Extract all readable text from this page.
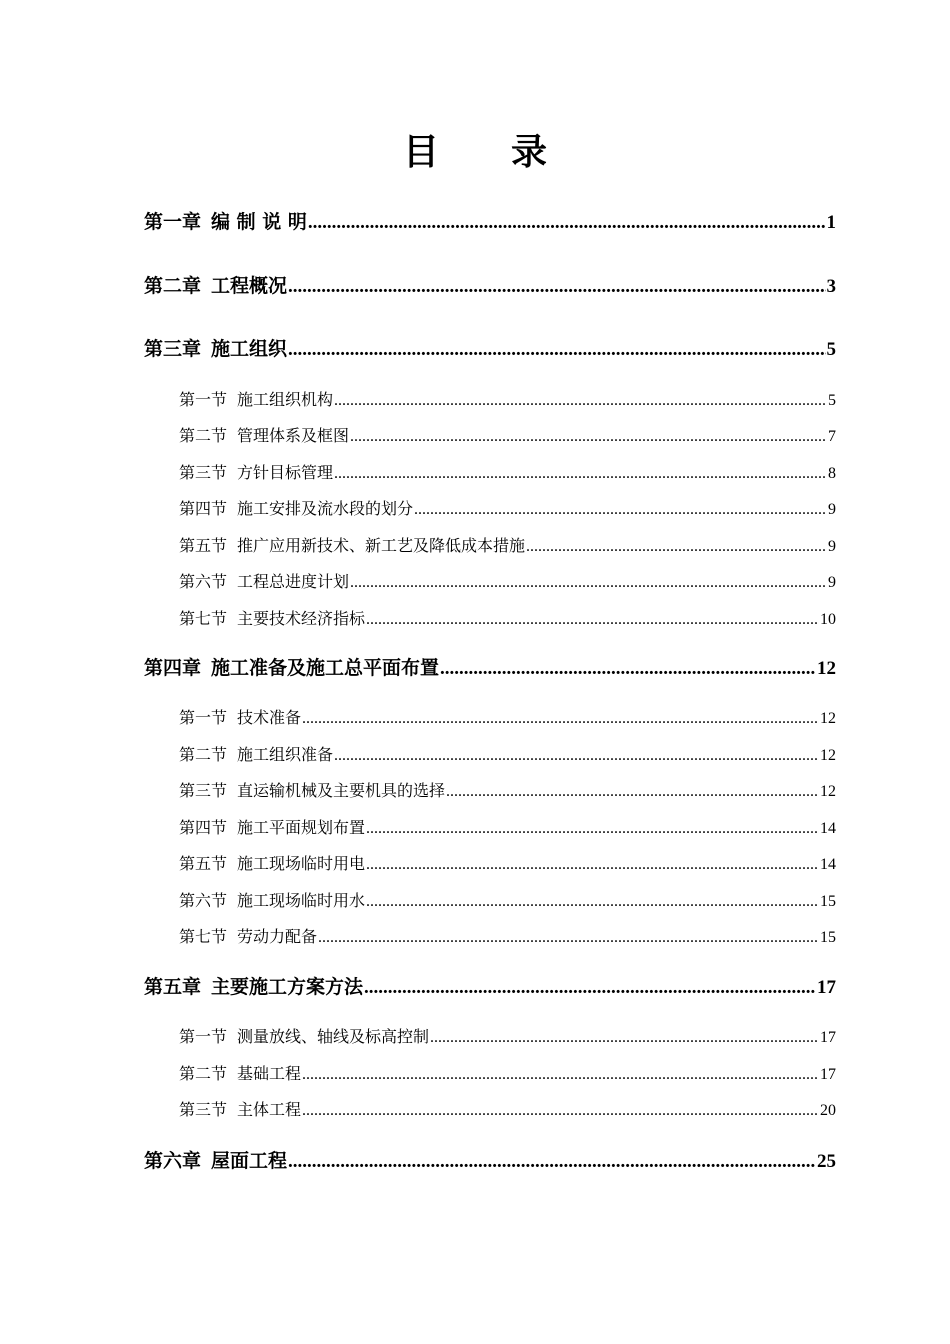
目 录
第一章 编 制 说 明 .....	1
第二章 工程概况 .....	3
第三章 施工组织 .....	5
第一节 施工组织机构 .....	5
第二节 管理体系及框图 .....	7
第三节 方针目标管理 .....	8
第四节 施工安排及流水段的划分 .....	9
第五节 推广应用新技术、新工艺及降低成本措施 .....	9
第六节 工程总进度计划 .....	9
第七节 主要技术经济指标 .....	10
第四章 施工准备及施工总平面布置 .....	12
第一节 技术准备 .....	12
第二节 施工组织准备 .....	12
第三节 直运输机械及主要机具的选择 .....	12
第四节 施工平面规划布置 .....	14
第五节 施工现场临时用电 .....	14
第六节 施工现场临时用水 .....	15
第七节 劳动力配备 .....	15
第五章 主要施工方案方法 .....	17
第一节 测量放线、轴线及标高控制 .....	17
第二节 基础工程 .....	17
第三节 主体工程 .....	20
第六章 屋面工程 .....	25
